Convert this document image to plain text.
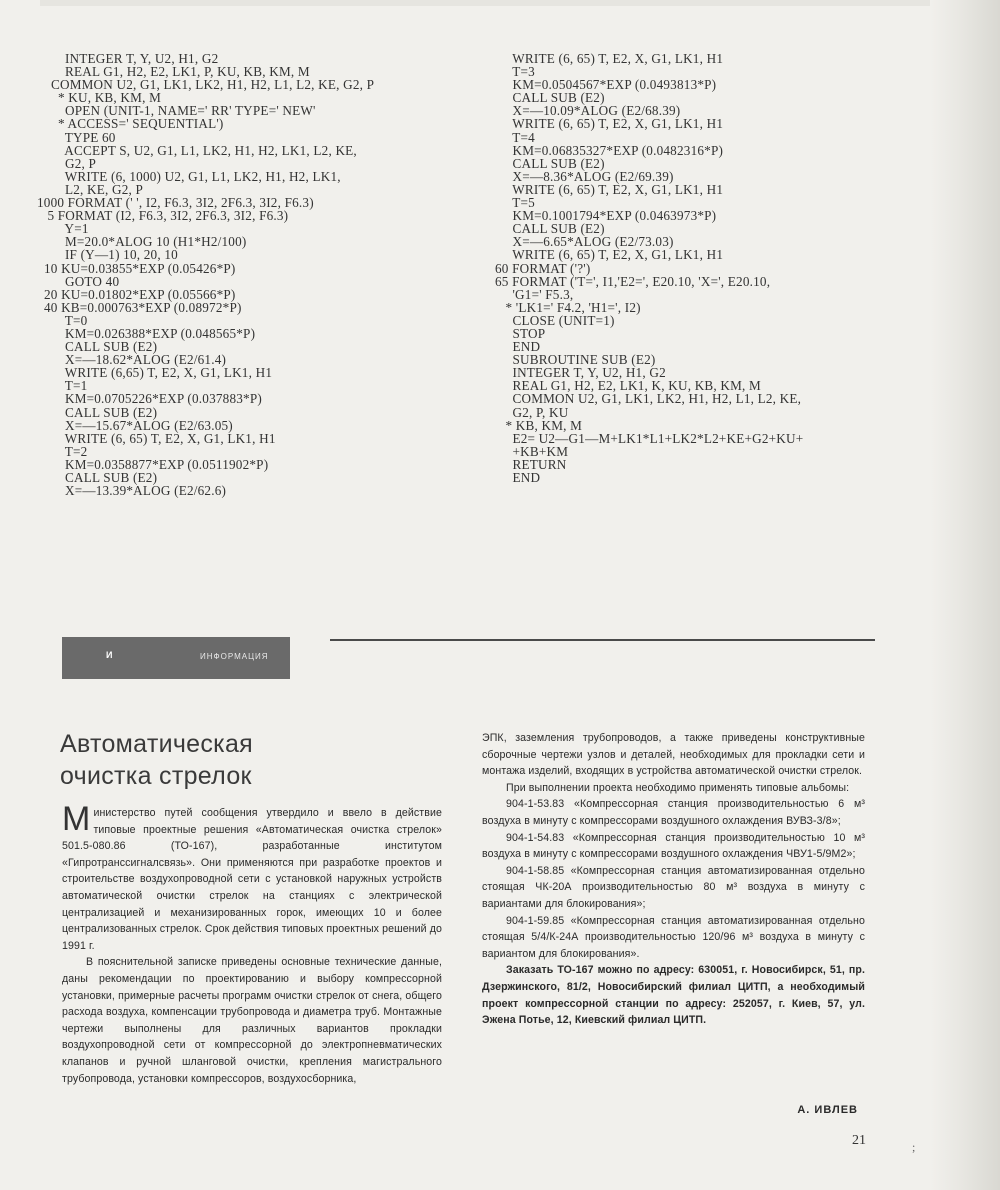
INTEGER T, Y, U2, H1, G2
REAL G1, H2, E2, LK1, P, KU, KB, KM, M
COMMON U2, G1, LK1, LK2, H1, H2, L1, L2, KE, G2, P
* KU, KB, KM, M
OPEN (UNIT-1, NAME=' RR' TYPE=' NEW'
* ACCESS=' SEQUENTIAL')
TYPE 60
ACCEPT S, U2, G1, L1, LK2, H1, H2, LK1, L2, KE,
G2, P
WRITE (6, 1000) U2, G1, L1, LK2, H1, H2, LK1,
L2, KE, G2, P
1000 FORMAT (' ', I2, F6.3, 3I2, 2F6.3, 3I2, F6.3)
5 FORMAT (I2, F6.3, 3I2, 2F6.3, 3I2, F6.3)
Y=1
M=20.0*ALOG 10 (H1*H2/100)
IF (Y—1) 10, 20, 10
10 KU=0.03855*EXP (0.05426*P)
GOTO 40
20 KU=0.01802*EXP (0.05566*P)
40 KB=0.000763*EXP (0.08972*P)
T=0
KM=0.026388*EXP (0.048565*P)
CALL SUB (E2)
X=—18.62*ALOG (E2/61.4)
WRITE (6,65) T, E2, X, G1, LK1, H1
T=1
KM=0.0705226*EXP (0.037883*P)
CALL SUB (E2)
X=—15.67*ALOG (E2/63.05)
WRITE (6, 65) T, E2, X, G1, LK1, H1
T=2
KM=0.0358877*EXP (0.0511902*P)
CALL SUB (E2)
X=—13.39*ALOG (E2/62.6)
WRITE (6, 65) T, E2, X, G1, LK1, H1
T=3
KM=0.0504567*EXP (0.0493813*P)
CALL SUB (E2)
X=—10.09*ALOG (E2/68.39)
WRITE (6, 65) T, E2, X, G1, LK1, H1
T=4
KM=0.06835327*EXP (0.0482316*P)
CALL SUB (E2)
X=—8.36*ALOG (E2/69.39)
WRITE (6, 65) T, E2, X, G1, LK1, H1
T=5
KM=0.1001794*EXP (0.0463973*P)
CALL SUB (E2)
X=—6.65*ALOG (E2/73.03)
WRITE (6, 65) T, E2, X, G1, LK1, H1
60 FORMAT ('?')
65 FORMAT ('T=', I1,'E2=', E20.10, 'X=', E20.10,
'G1=' F5.3,
* 'LK1=' F4.2, 'H1=', I2)
CLOSE (UNIT=1)
STOP
END
SUBROUTINE SUB (E2)
INTEGER T, Y, U2, H1, G2
REAL G1, H2, E2, LK1, K, KU, KB, KM, M
COMMON U2, G1, LK1, LK2, H1, H2, L1, L2, KE,
G2, P, KU
* KB, KM, M
E2= U2—G1—M+LK1*L1+LK2*L2+KE+G2+KU+
+KB+KM
RETURN
END
И	ИНФОРМАЦИЯ
Автоматическая
очистка стрелок

Министерство путей сообщения утвердило и ввело в действие типовые проектные решения «Автоматическая очистка стрелок» 501.5-080.86 (ТО-167), разработанные институтом «Гипротранссигналсвязь». Они применяются при разработке проектов и строительстве воздухопроводной сети с установкой наружных устройств автоматической очистки стрелок на станциях с электрической централизацией и механизированных горок, имеющих 10 и более централизованных стрелок. Срок действия типовых проектных решений до 1991 г.

В пояснительной записке приведены основные технические данные, даны рекомендации по проектированию и выбору компрессорной установки, примерные расчеты программ очистки стрелок от снега, общего расхода воздуха, компенсации трубопровода и диаметра труб. Монтажные чертежи выполнены для различных вариантов прокладки воздухопроводной сети от компрессорной до электропневматических клапанов и ручной шланговой очистки, крепления магистрального трубопровода, установки компрессоров, воздухосборника,

ЭПК, заземления трубопроводов, а также приведены конструктивные сборочные чертежи узлов и деталей, необходимых для прокладки сети и монтажа изделий, входящих в устройства автоматической очистки стрелок.

При выполнении проекта необходимо применять типовые альбомы:

904-1-53.83 «Компрессорная станция производительностью 6 м³ воздуха в минуту с компрессорами воздушного охлаждения ВУВЗ-3/8»;

904-1-54.83 «Компрессорная станция производительностью 10 м³ воздуха в минуту с компрессорами воздушного охлаждения ЧВУ1-5/9М2»;

904-1-58.85 «Компрессорная станция автоматизированная отдельно стоящая ЧК-20А производительностью 80 м³ воздуха в минуту с вариантами для блокирования»;

904-1-59.85 «Компрессорная станция автоматизированная отдельно стоящая 5/4/К-24А производительностью 120/96 м³ воздуха в минуту с вариантом для блокирования».

Заказать ТО-167 можно по адресу: 630051, г. Новосибирск, 51, пр. Дзержинского, 81/2, Новосибирский филиал ЦИТП, а необходимый проект компрессорной станции по адресу: 252057, г. Киев, 57, ул. Эжена Потье, 12, Киевский филиал ЦИТП.

А. ИВЛЕВ
21	;
